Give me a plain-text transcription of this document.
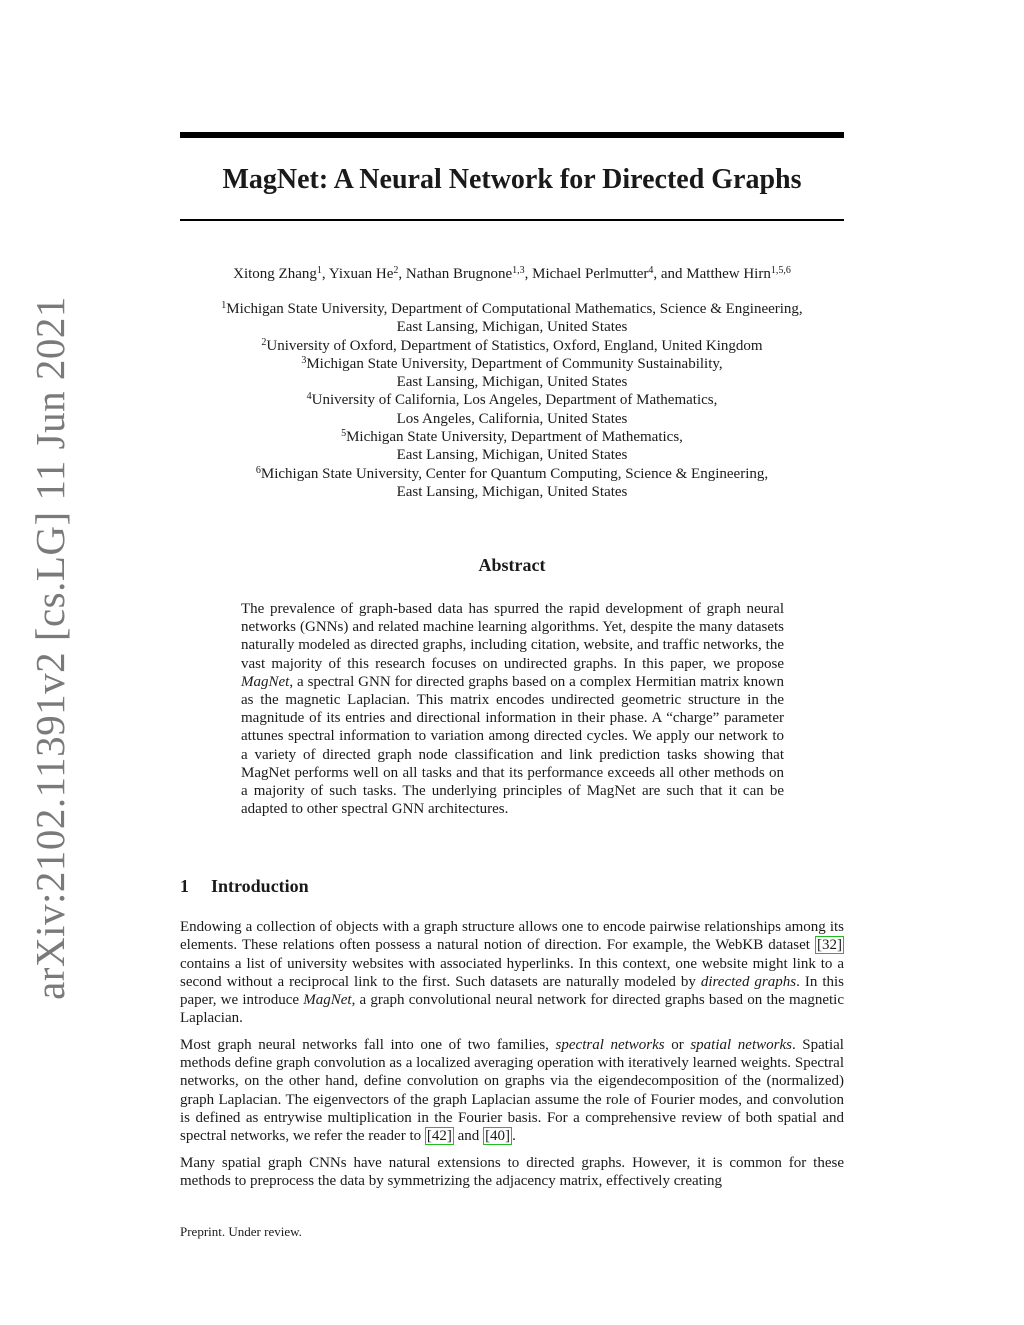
arXiv:2102.11391v2 [cs.LG] 11 Jun 2021
MagNet: A Neural Network for Directed Graphs
Xitong Zhang$^1$, Yixuan He$^2$, Nathan Brugnone$^{1,3}$, Michael Perlmutter$^4$, and Matthew Hirn$^{1,5,6}$
$^1$Michigan State University, Department of Computational Mathematics, Science & Engineering,
East Lansing, Michigan, United States
$^2$University of Oxford, Department of Statistics, Oxford, England, United Kingdom
$^3$Michigan State University, Department of Community Sustainability,
East Lansing, Michigan, United States
$^4$University of California, Los Angeles, Department of Mathematics,
Los Angeles, California, United States
$^5$Michigan State University, Department of Mathematics,
East Lansing, Michigan, United States
$^6$Michigan State University, Center for Quantum Computing, Science & Engineering,
East Lansing, Michigan, United States
Abstract

The prevalence of graph-based data has spurred the rapid development of graph neural networks (GNNs) and related machine learning algorithms. Yet, despite the many datasets naturally modeled as directed graphs, including citation, website, and traffic networks, the vast majority of this research focuses on undirected graphs. In this paper, we propose MagNet, a spectral GNN for directed graphs based on a complex Hermitian matrix known as the magnetic Laplacian. This matrix encodes undirected geometric structure in the magnitude of its entries and directional information in their phase. A “charge” parameter attunes spectral information to variation among directed cycles. We apply our network to a variety of directed graph node classification and link prediction tasks showing that MagNet performs well on all tasks and that its performance exceeds all other methods on a majority of such tasks. The underlying principles of MagNet are such that it can be adapted to other spectral GNN architectures.

1 Introduction

Endowing a collection of objects with a graph structure allows one to encode pairwise relationships among its elements. These relations often possess a natural notion of direction. For example, the WebKB dataset [32] contains a list of university websites with associated hyperlinks. In this context, one website might link to a second without a reciprocal link to the first. Such datasets are naturally modeled by directed graphs. In this paper, we introduce MagNet, a graph convolutional neural network for directed graphs based on the magnetic Laplacian.

Most graph neural networks fall into one of two families, spectral networks or spatial networks. Spatial methods define graph convolution as a localized averaging operation with iteratively learned weights. Spectral networks, on the other hand, define convolution on graphs via the eigendecomposition of the (normalized) graph Laplacian. The eigenvectors of the graph Laplacian assume the role of Fourier modes, and convolution is defined as entrywise multiplication in the Fourier basis. For a comprehensive review of both spatial and spectral networks, we refer the reader to [42] and [40] .

Many spatial graph CNNs have natural extensions to directed graphs. However, it is common for these methods to preprocess the data by symmetrizing the adjacency matrix, effectively creating

Preprint. Under review.
